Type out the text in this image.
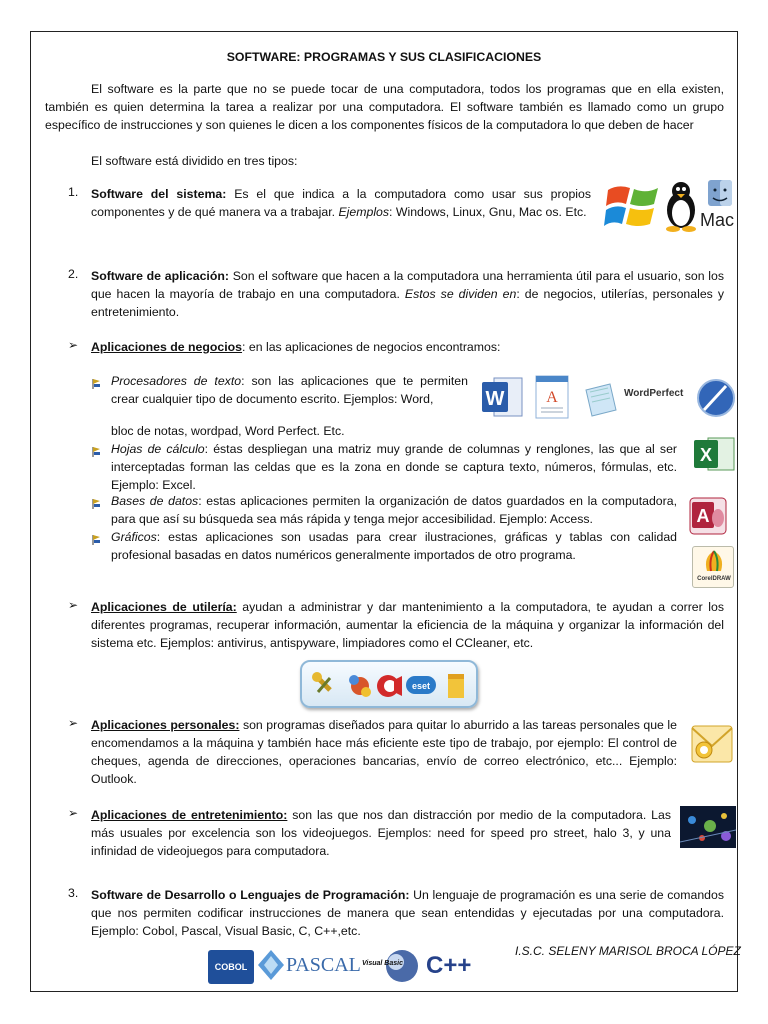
SOFTWARE: PROGRAMAS Y SUS CLASIFICACIONES
El software es la parte que no se puede tocar de una computadora, todos los programas que en ella existen, también es quien determina la tarea a realizar por una computadora. El software también es llamado como un grupo específico de instrucciones y son quienes le dicen a los componentes físicos de la computadora lo que deben de hacer
El software está dividido en tres tipos:
1. Software del sistema: Es el que indica a la computadora como usar sus propios componentes y de qué manera va a trabajar. Ejemplos: Windows, Linux, Gnu, Mac os. Etc.	Mac
2. Software de aplicación: Son el software que hacen a la computadora una herramienta útil para el usuario, son los que hacen la mayoría de trabajo en una computadora. Estos se dividen en: de negocios, utilerías, personales y entretenimiento.
➢ Aplicaciones de negocios: en las aplicaciones de negocios encontramos:
Procesadores de texto: son las aplicaciones que te permiten crear cualquier tipo de documento escrito. Ejemplos: Word,
bloc de notas, wordpad, Word Perfect. Etc.
Hojas de cálculo: éstas despliegan una matriz muy grande de columnas y renglones, las que al ser interceptadas forman las celdas que es la zona en donde se captura texto, números, fórmulas, etc. Ejemplo: Excel.
Bases de datos: estas aplicaciones permiten la organización de datos guardados en la computadora, para que así su búsqueda sea más rápida y tenga mejor accesibilidad. Ejemplo: Access.
Gráficos: estas aplicaciones son usadas para crear ilustraciones, gráficas y tablas con calidad profesional basadas en datos numéricos generalmente importados de otro programa.
W	A	WordPerfect
X
A
CorelDRAW
➢ Aplicaciones de utilería: ayudan a administrar y dar mantenimiento a la computadora, te ayudan a correr los diferentes programas, recuperar información, aumentar la eficiencia de la máquina y organizar la información del sistema etc. Ejemplos: antivirus, antispyware, limpiadores como el CCleaner, etc.
eset
➢ Aplicaciones personales: son programas diseñados para quitar lo aburrido a las tareas personales que le encomendamos a la máquina y también hace más eficiente este tipo de trabajo, por ejemplo: El control de cheques, agenda de direcciones, operaciones bancarias, envío de correo electrónico, etc... Ejemplo: Outlook.
➢ Aplicaciones de entretenimiento: son las que nos dan distracción por medio de la computadora. Las más usuales por excelencia son los videojuegos. Ejemplos: need for speed pro street, halo 3, y una infinidad de videojuegos para computadora.
3. Software de Desarrollo o Lenguajes de Programación: Un lenguaje de programación es una serie de comandos que nos permiten codificar instrucciones de manera que sean entendidas y ejecutadas por una computadora. Ejemplo: Cobol, Pascal, Visual Basic, C, C++,etc.
COBOL	PASCAL Visual Basic C++
I.S.C. SELENY MARISOL BROCA LÓPEZ
